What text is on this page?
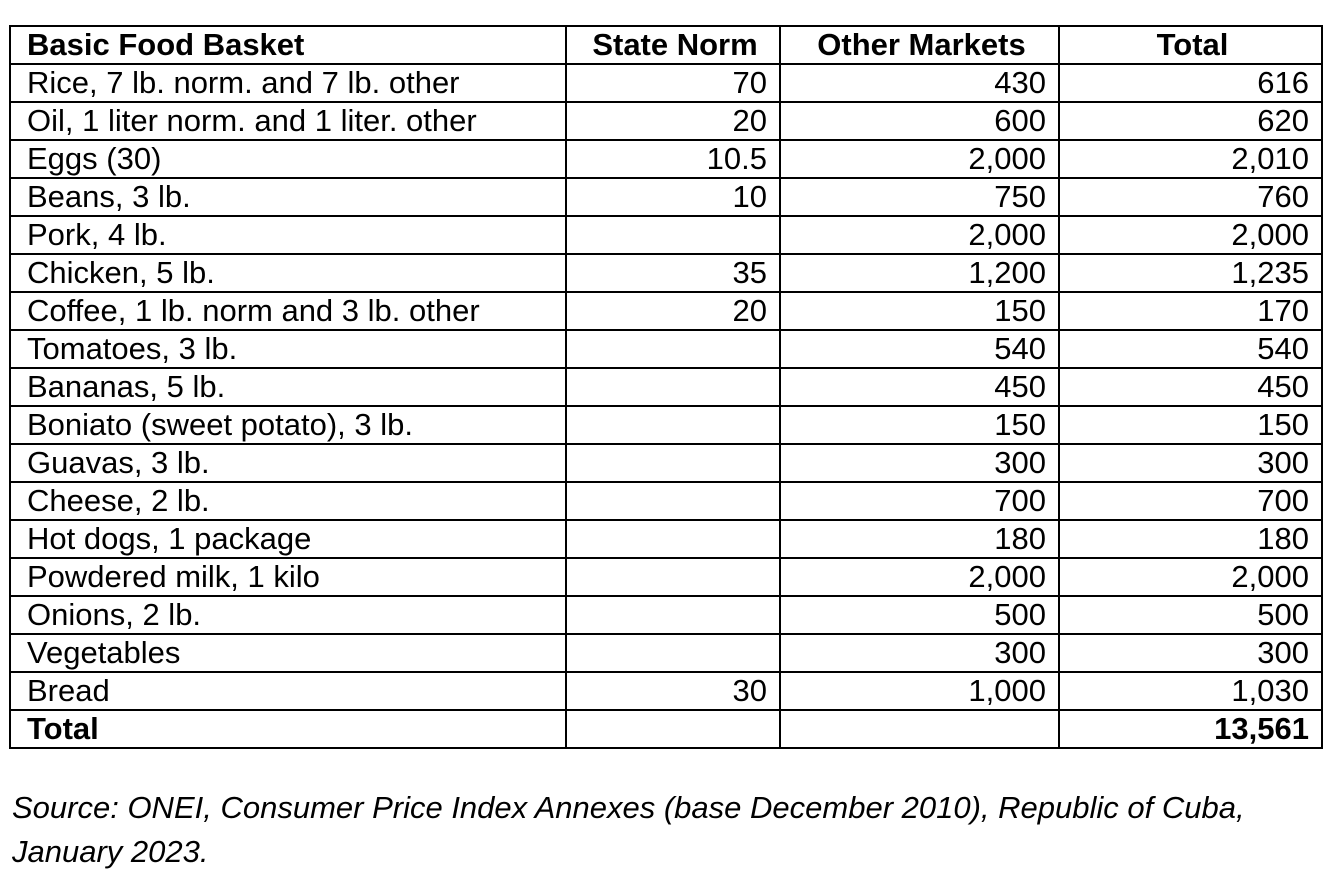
Basic Food Basket	State Norm	Other Markets	Total
Rice, 7 lb. norm. and 7 lb. other	70	430	616
Oil, 1 liter norm. and 1 liter. other	20	600	620
Eggs (30)	10.5	2,000	2,010
Beans, 3 lb.	10	750	760
Pork, 4 lb.		2,000	2,000
Chicken, 5 lb.	35	1,200	1,235
Coffee, 1 lb. norm and 3 lb. other	20	150	170
Tomatoes, 3 lb.		540	540
Bananas, 5 lb.		450	450
Boniato (sweet potato), 3 lb.		150	150
Guavas, 3 lb.		300	300
Cheese, 2 lb.		700	700
Hot dogs, 1 package		180	180
Powdered milk, 1 kilo		2,000	2,000
Onions, 2 lb.		500	500
Vegetables		300	300
Bread	30	1,000	1,030
Total			13,561

Source: ONEI, Consumer Price Index Annexes (base December 2010), Republic of Cuba, January 2023.
